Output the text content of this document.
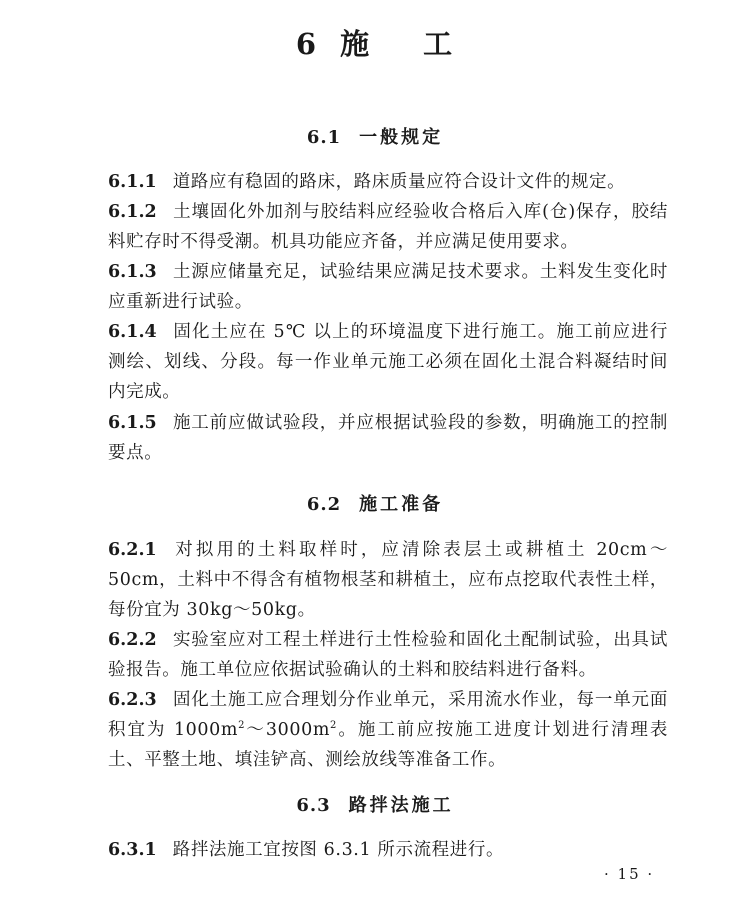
6 施 工
6.1 一般规定
6.1.1 道路应有稳固的路床，路床质量应符合设计文件的规定。
6.1.2 土壤固化外加剂与胶结料应经验收合格后入库(仓)保存，胶结料贮存时不得受潮。机具功能应齐备，并应满足使用要求。
6.1.3 土源应储量充足，试验结果应满足技术要求。土料发生变化时应重新进行试验。
6.1.4 固化土应在 5℃ 以上的环境温度下进行施工。施工前应进行测绘、划线、分段。每一作业单元施工必须在固化土混合料凝结时间内完成。
6.1.5 施工前应做试验段，并应根据试验段的参数，明确施工的控制要点。
6.2 施工准备
6.2.1 对拟用的土料取样时，应清除表层土或耕植土 20cm～50cm，土料中不得含有植物根茎和耕植土，应布点挖取代表性土样，每份宜为 30kg～50kg。
6.2.2 实验室应对工程土样进行土性检验和固化土配制试验，出具试验报告。施工单位应依据试验确认的土料和胶结料进行备料。
6.2.3 固化土施工应合理划分作业单元，采用流水作业，每一单元面积宜为 $1000m^2\sim 3000m^2$。施工前应按施工进度计划进行清理表土、平整土地、填洼铲高、测绘放线等准备工作。
6.3 路拌法施工
6.3.1 路拌法施工宜按图 6.3.1 所示流程进行。
· 15 ·
